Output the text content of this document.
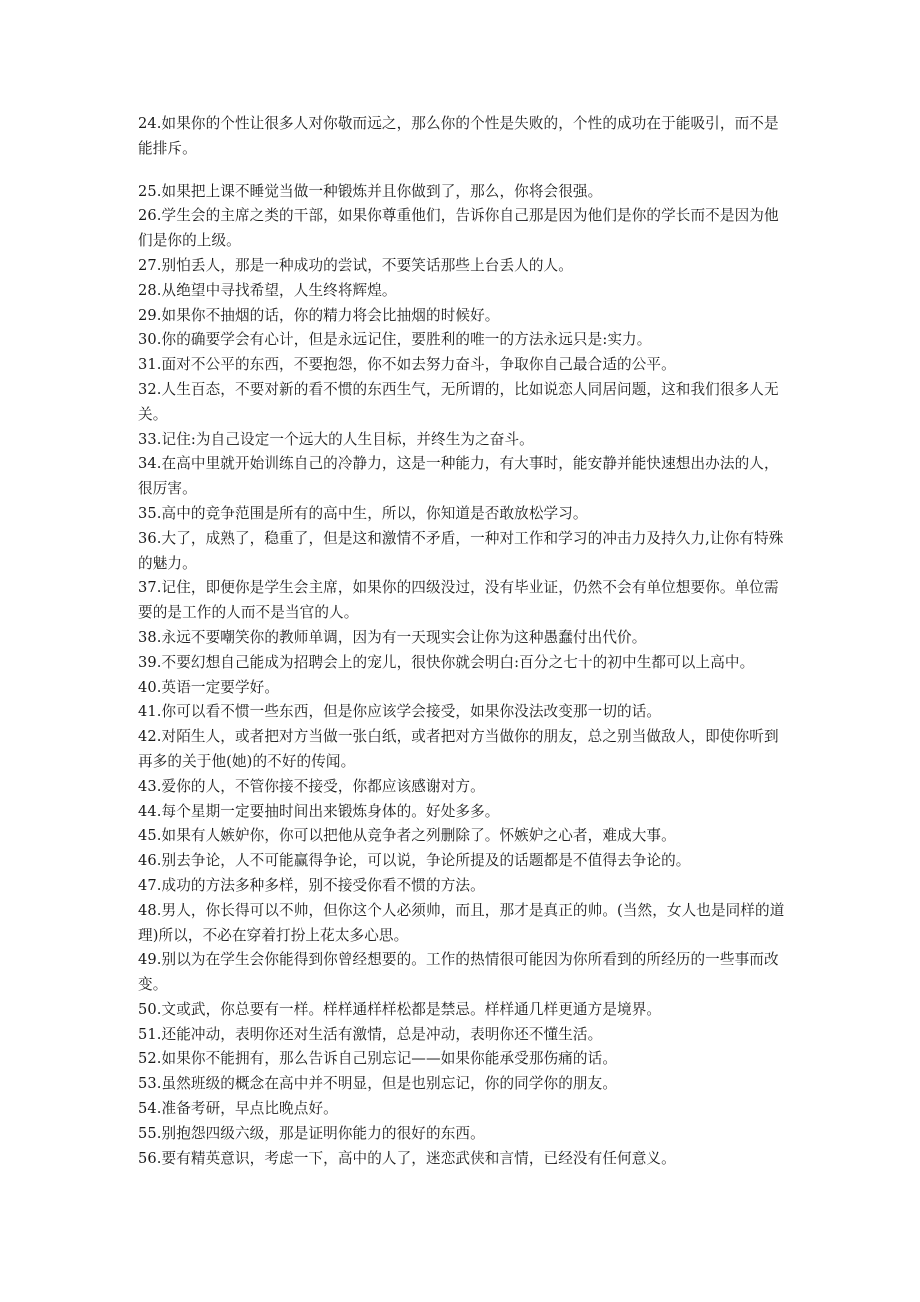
24.如果你的个性让很多人对你敬而远之，那么你的个性是失败的，个性的成功在于能吸引，而不是能排斥。

25.如果把上课不睡觉当做一种锻炼并且你做到了，那么，你将会很强。

26.学生会的主席之类的干部，如果你尊重他们，告诉你自己那是因为他们是你的学长而不是因为他们是你的上级。

27.别怕丢人，那是一种成功的尝试，不要笑话那些上台丢人的人。

28.从绝望中寻找希望，人生终将辉煌。

29.如果你不抽烟的话，你的精力将会比抽烟的时候好。

30.你的确要学会有心计，但是永远记住，要胜利的唯一的方法永远只是:实力。

31.面对不公平的东西，不要抱怨，你不如去努力奋斗，争取你自己最合适的公平。

32.人生百态，不要对新的看不惯的东西生气，无所谓的，比如说恋人同居问题，这和我们很多人无关。

33.记住:为自己设定一个远大的人生目标，并终生为之奋斗。

34.在高中里就开始训练自己的冷静力，这是一种能力，有大事时，能安静并能快速想出办法的人，很厉害。

35.高中的竞争范围是所有的高中生，所以，你知道是否敢放松学习。

36.大了，成熟了，稳重了，但是这和激情不矛盾，一种对工作和学习的冲击力及持久力,让你有特殊的魅力。

37.记住，即便你是学生会主席，如果你的四级没过，没有毕业证，仍然不会有单位想要你。单位需要的是工作的人而不是当官的人。

38.永远不要嘲笑你的教师单调，因为有一天现实会让你为这种愚蠢付出代价。

39.不要幻想自己能成为招聘会上的宠儿，很快你就会明白:百分之七十的初中生都可以上高中。

40.英语一定要学好。

41.你可以看不惯一些东西，但是你应该学会接受，如果你没法改变那一切的话。

42.对陌生人，或者把对方当做一张白纸，或者把对方当做你的朋友，总之别当做敌人，即使你听到再多的关于他(她)的不好的传闻。

43.爱你的人，不管你接不接受，你都应该感谢对方。

44.每个星期一定要抽时间出来锻炼身体的。好处多多。

45.如果有人嫉妒你，你可以把他从竞争者之列删除了。怀嫉妒之心者，难成大事。

46.别去争论，人不可能赢得争论，可以说，争论所提及的话题都是不值得去争论的。

47.成功的方法多种多样，别不接受你看不惯的方法。

48.男人，你长得可以不帅，但你这个人必须帅，而且，那才是真正的帅。(当然，女人也是同样的道理)所以，不必在穿着打扮上花太多心思。

49.别以为在学生会你能得到你曾经想要的。工作的热情很可能因为你所看到的所经历的一些事而改变。

50.文或武，你总要有一样。样样通样样松都是禁忌。样样通几样更通方是境界。

51.还能冲动，表明你还对生活有激情，总是冲动，表明你还不懂生活。

52.如果你不能拥有，那么告诉自己别忘记——如果你能承受那伤痛的话。

53.虽然班级的概念在高中并不明显，但是也别忘记，你的同学你的朋友。

54.准备考研，早点比晚点好。

55.别抱怨四级六级，那是证明你能力的很好的东西。

56.要有精英意识，考虑一下，高中的人了，迷恋武侠和言情，已经没有任何意义。
